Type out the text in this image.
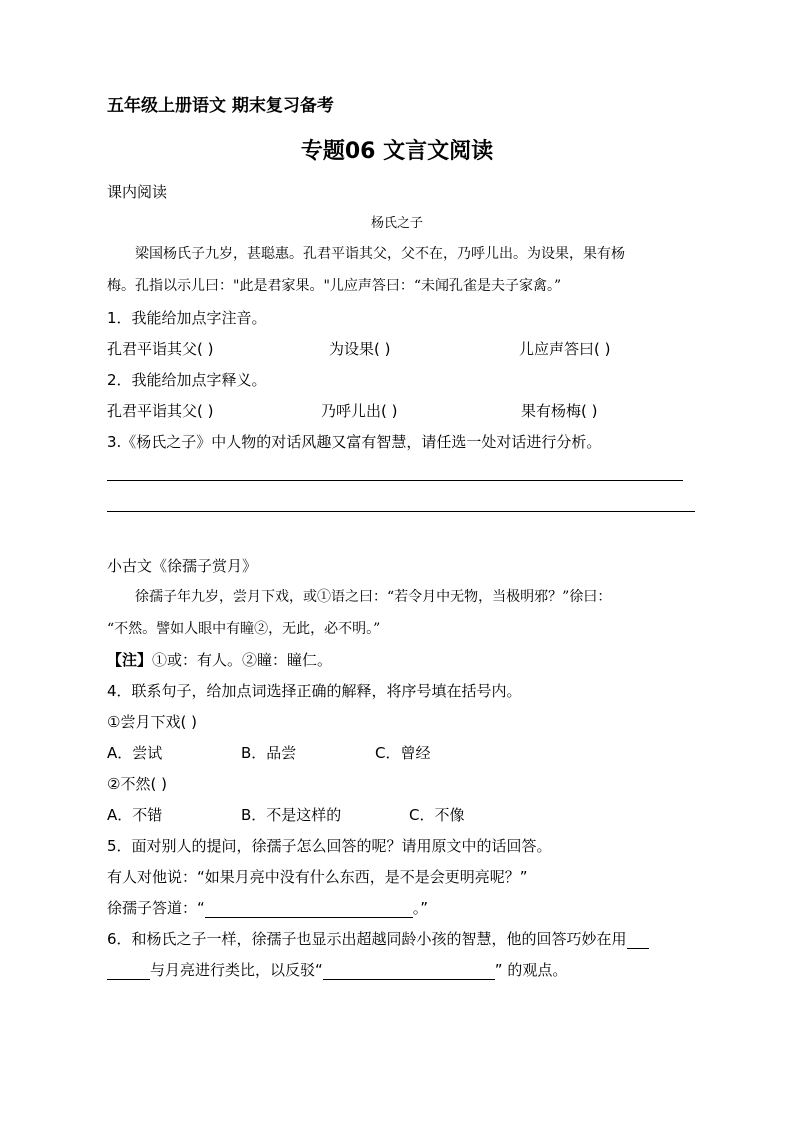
五年级上册语文 期末复习备考
专题06 文言文阅读
课内阅读
杨氏之子
梁国杨氏子九岁，甚聪惠。孔君平诣其父，父不在，乃呼儿出。为设果，果有杨
梅。孔指以示儿曰："此是君家果。"儿应声答曰：“未闻孔雀是夫子家禽。”
1．我能给加点字注音。
孔君平诣其父( )	为设果( )	儿应声答曰( )
2．我能给加点字释义。
孔君平诣其父( )	乃呼儿出( )	果有杨梅( )
3.《杨氏之子》中人物的对话风趣又富有智慧，请任选一处对话进行分析。
小古文《徐孺子赏月》
徐孺子年九岁，尝月下戏，或①语之曰：“若令月中无物，当极明邪？”徐曰：
“不然。譬如人眼中有瞳②，无此，必不明。”
【注】①或：有人。②瞳：瞳仁。
4．联系句子，给加点词选择正确的解释，将序号填在括号内。
①尝月下戏( )
A．尝试	B．品尝	C．曾经
②不然( )
A．不错	B．不是这样的	C．不像
5．面对别人的提问，徐孺子怎么回答的呢？请用原文中的话回答。
有人对他说：“如果月亮中没有什么东西，是不是会更明亮呢？”
徐孺子答道：“	。”
6．和杨氏之子一样，徐孺子也显示出超越同龄小孩的智慧，他的回答巧妙在用
与月亮进行类比，以反驳“	” 的观点。
